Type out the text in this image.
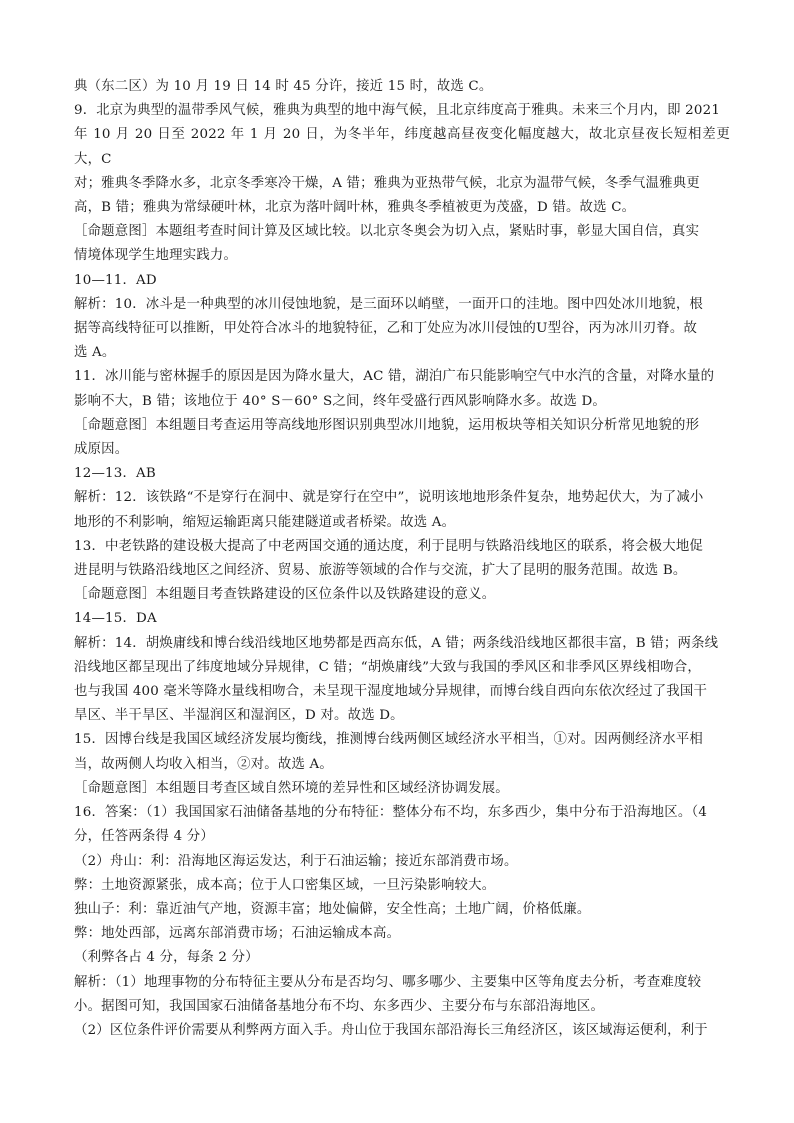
典（东二区）为 10 月 19 日 14 时 45 分许，接近 15 时，故选 C。

9．北京为典型的温带季风气候，雅典为典型的地中海气候，且北京纬度高于雅典。未来三个月内，即 2021

年 10 月 20 日至 2022 年 1 月 20 日，为冬半年，纬度越高昼夜变化幅度越大，故北京昼夜长短相差更大，C

对；雅典冬季降水多，北京冬季寒冷干燥，A 错；雅典为亚热带气候，北京为温带气候，冬季气温雅典更

高，B 错；雅典为常绿硬叶林，北京为落叶阔叶林，雅典冬季植被更为茂盛，D 错。故选 C。

［命题意图］本题组考查时间计算及区域比较。以北京冬奥会为切入点，紧贴时事，彰显大国自信，真实

情境体现学生地理实践力。

10—11．AD

解析：10．冰斗是一种典型的冰川侵蚀地貌，是三面环以峭壁，一面开口的洼地。图中四处冰川地貌，根

据等高线特征可以推断，甲处符合冰斗的地貌特征，乙和丁处应为冰川侵蚀的U型谷，丙为冰川刃脊。故

选 A。

11．冰川能与密林握手的原因是因为降水量大，AC 错，湖泊广布只能影响空气中水汽的含量，对降水量的

影响不大，B 错；该地位于 40° S－60° S之间，终年受盛行西风影响降水多。故选 D。

［命题意图］本组题目考查运用等高线地形图识别典型冰川地貌，运用板块等相关知识分析常见地貌的形

成原因。

12—13．AB

解析：12．该铁路“不是穿行在洞中、就是穿行在空中”，说明该地地形条件复杂，地势起伏大，为了减小

地形的不利影响，缩短运输距离只能建隧道或者桥梁。故选 A。

13．中老铁路的建设极大提高了中老两国交通的通达度，利于昆明与铁路沿线地区的联系，将会极大地促

进昆明与铁路沿线地区之间经济、贸易、旅游等领域的合作与交流，扩大了昆明的服务范围。故选 B。

［命题意图］本组题目考查铁路建设的区位条件以及铁路建设的意义。

14—15．DA

解析：14．胡焕庸线和博台线沿线地区地势都是西高东低，A 错；两条线沿线地区都很丰富，B 错；两条线

沿线地区都呈现出了纬度地域分异规律，C 错；“胡焕庸线”大致与我国的季风区和非季风区界线相吻合，

也与我国 400 毫米等降水量线相吻合，未呈现干湿度地域分异规律，而博台线自西向东依次经过了我国干

旱区、半干旱区、半湿润区和湿润区，D 对。故选 D。

15．因博台线是我国区域经济发展均衡线，推测博台线两侧区域经济水平相当，①对。因两侧经济水平相

当，故两侧人均收入相当，②对。故选 A。

［命题意图］本组题目考查区域自然环境的差异性和区域经济协调发展。

16．答案：（1）我国国家石油储备基地的分布特征：整体分布不均，东多西少，集中分布于沿海地区。（4

分，任答两条得 4 分）

（2）舟山：利：沿海地区海运发达，利于石油运输；接近东部消费市场。

弊：土地资源紧张，成本高；位于人口密集区域，一旦污染影响较大。

独山子：利：靠近油气产地，资源丰富；地处偏僻，安全性高；土地广阔，价格低廉。

弊：地处西部，远离东部消费市场；石油运输成本高。

（利弊各占 4 分，每条 2 分）

解析：（1）地理事物的分布特征主要从分布是否均匀、哪多哪少、主要集中区等角度去分析，考查难度较

小。据图可知，我国国家石油储备基地分布不均、东多西少、主要分布与东部沿海地区。

（2）区位条件评价需要从利弊两方面入手。舟山位于我国东部沿海长三角经济区，该区域海运便利，利于
